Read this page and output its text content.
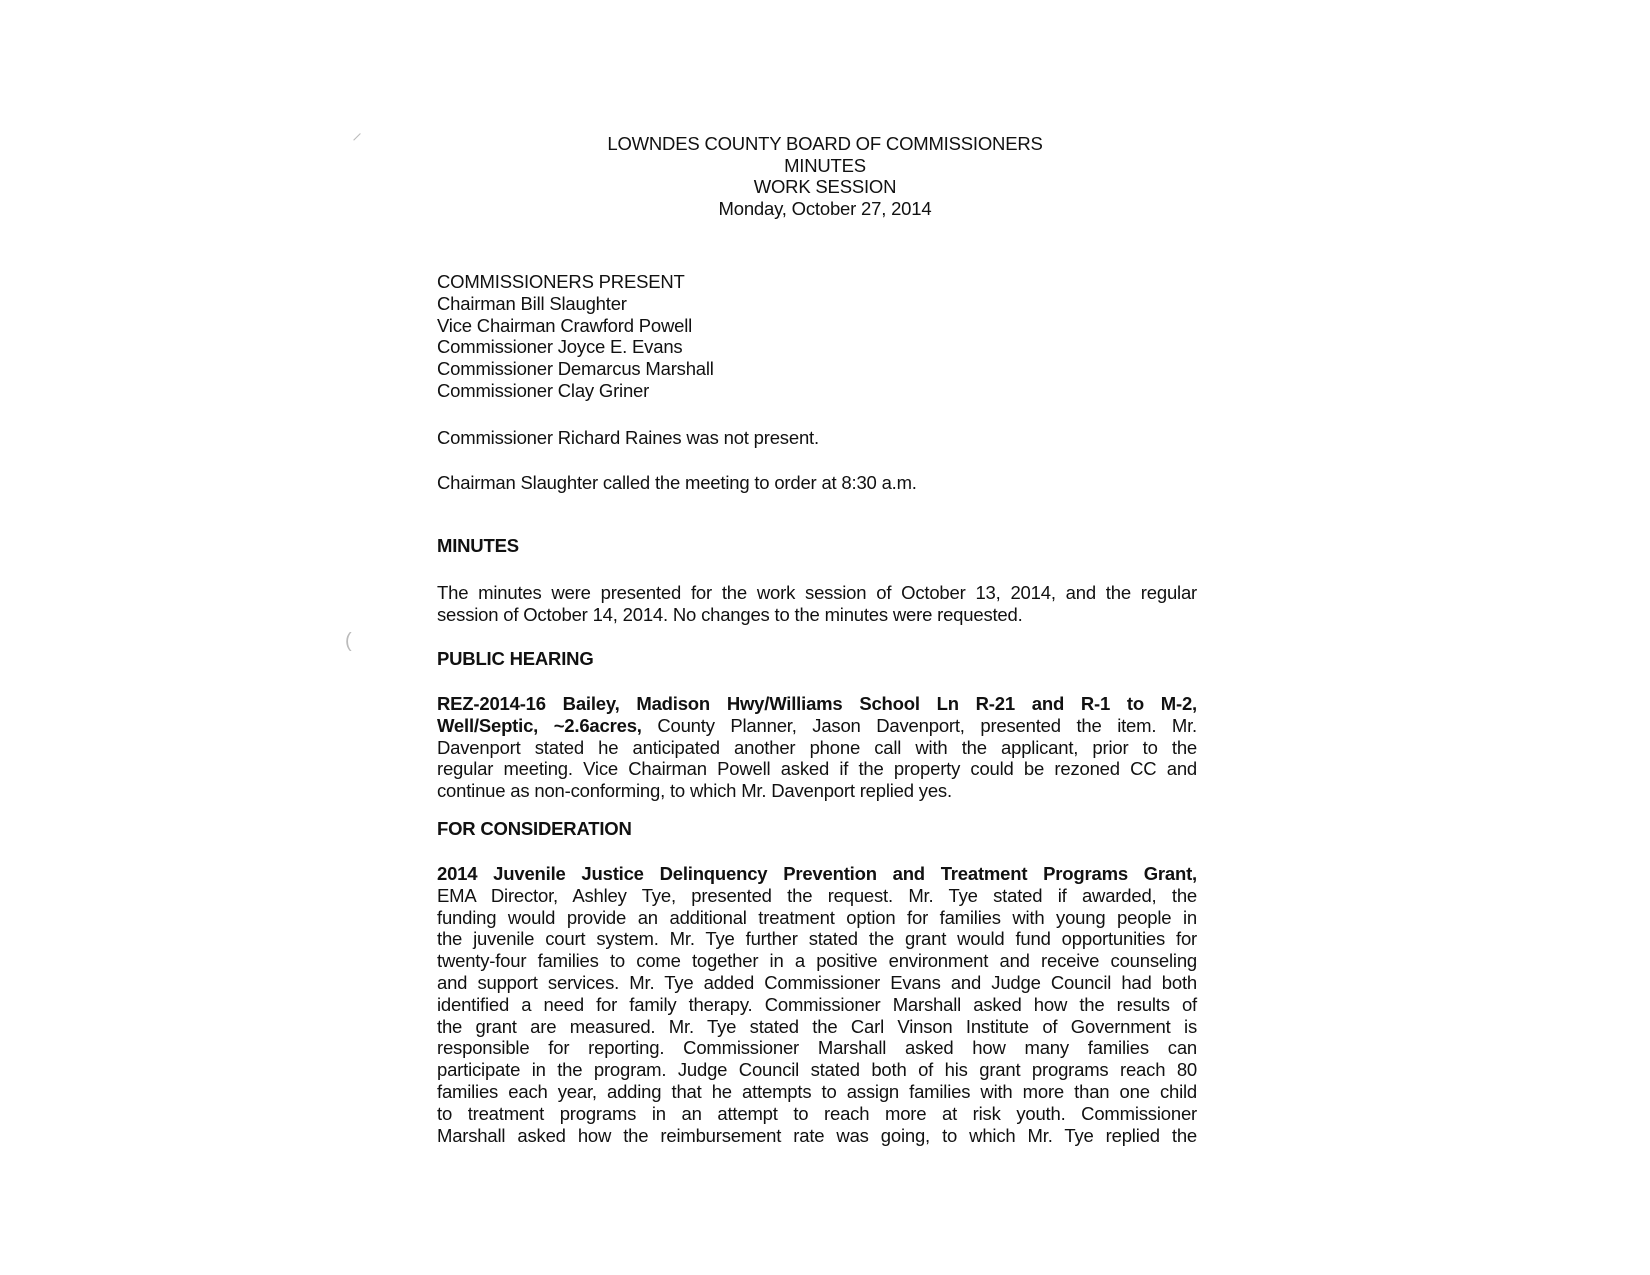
⸝
(
LOWNDES COUNTY BOARD OF COMMISSIONERS
MINUTES
WORK SESSION
Monday, October 27, 2014
COMMISSIONERS PRESENT
Chairman Bill Slaughter
Vice Chairman Crawford Powell
Commissioner Joyce E. Evans
Commissioner Demarcus Marshall
Commissioner Clay Griner
Commissioner Richard Raines was not present.
Chairman Slaughter called the meeting to order at 8:30 a.m.
MINUTES
The minutes were presented for the work session of October 13, 2014, and the regular
session of October 14, 2014. No changes to the minutes were requested.
PUBLIC HEARING
REZ-2014-16 Bailey, Madison Hwy/Williams School Ln R-21 and R-1 to M-2,
Well/Septic, ~2.6acres, County Planner, Jason Davenport, presented the item. Mr.
Davenport stated he anticipated another phone call with the applicant, prior to the
regular meeting. Vice Chairman Powell asked if the property could be rezoned CC and
continue as non-conforming, to which Mr. Davenport replied yes.
FOR CONSIDERATION
2014 Juvenile Justice Delinquency Prevention and Treatment Programs Grant,
EMA Director, Ashley Tye, presented the request. Mr. Tye stated if awarded, the
funding would provide an additional treatment option for families with young people in
the juvenile court system. Mr. Tye further stated the grant would fund opportunities for
twenty-four families to come together in a positive environment and receive counseling
and support services. Mr. Tye added Commissioner Evans and Judge Council had both
identified a need for family therapy. Commissioner Marshall asked how the results of
the grant are measured. Mr. Tye stated the Carl Vinson Institute of Government is
responsible for reporting. Commissioner Marshall asked how many families can
participate in the program. Judge Council stated both of his grant programs reach 80
families each year, adding that he attempts to assign families with more than one child
to treatment programs in an attempt to reach more at risk youth. Commissioner
Marshall asked how the reimbursement rate was going, to which Mr. Tye replied the
